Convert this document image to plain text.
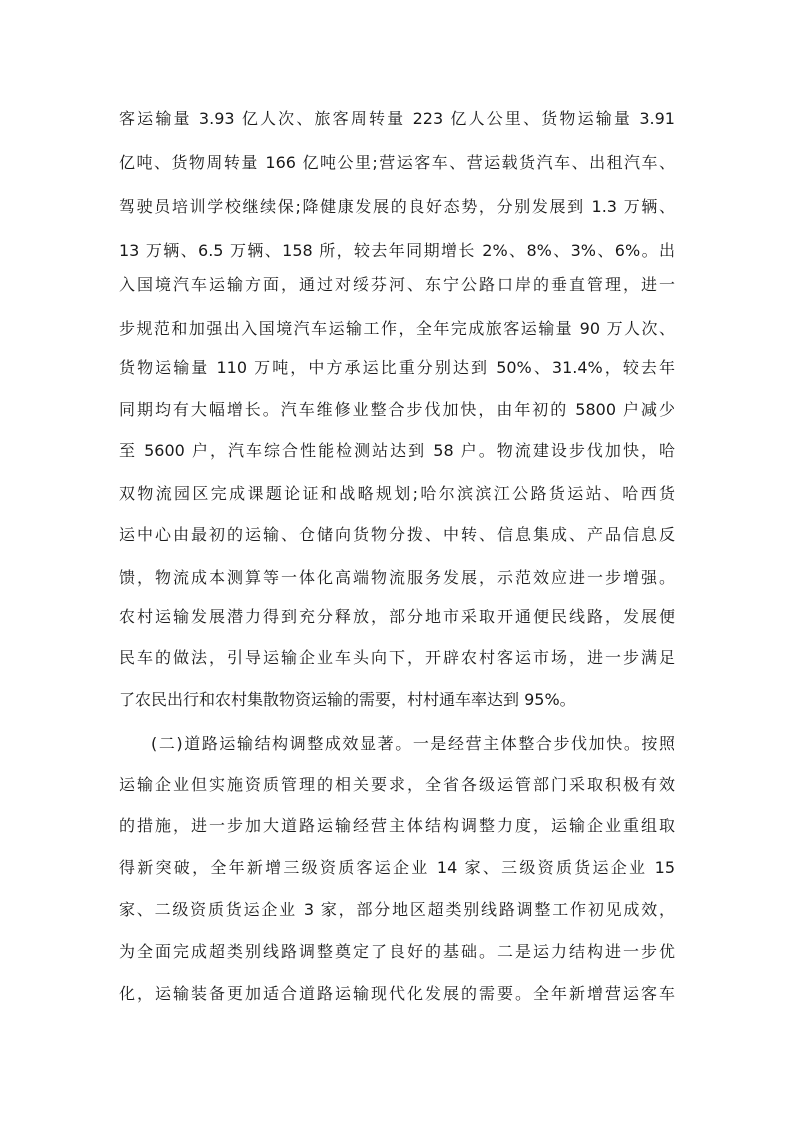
客运输量 3.93 亿人次、旅客周转量 223 亿人公里、货物运输量 3.91
亿吨、货物周转量 166 亿吨公里;营运客车、营运载货汽车、出租汽车、
驾驶员培训学校继续保;降健康发展的良好态势，分别发展到 1.3 万辆、
13 万辆、6.5 万辆、158 所，较去年同期增长 2%、8%、3%、6%。出
入国境汽车运输方面，通过对绥芬河、东宁公路口岸的垂直管理，进一
步规范和加强出入国境汽车运输工作，全年完成旅客运输量 90 万人次、
货物运输量 110 万吨，中方承运比重分别达到 50%、31.4%，较去年
同期均有大幅增长。汽车维修业整合步伐加快，由年初的 5800 户减少
至 5600 户，汽车综合性能检测站达到 58 户。物流建设步伐加快，哈
双物流园区完成课题论证和战略规划;哈尔滨滨江公路货运站、哈西货
运中心由最初的运输、仓储向货物分拨、中转、信息集成、产品信息反
馈，物流成本测算等一体化高端物流服务发展，示范效应进一步增强。
农村运输发展潜力得到充分释放，部分地市采取开通便民线路，发展便
民车的做法，引导运输企业车头向下，开辟农村客运市场，进一步满足
了农民出行和农村集散物资运输的需要，村村通车率达到 95%。
(二)道路运输结构调整成效显著。一是经营主体整合步伐加快。按照
运输企业但实施资质管理的相关要求，全省各级运管部门采取积极有效
的措施，进一步加大道路运输经营主体结构调整力度，运输企业重组取
得新突破，全年新增三级资质客运企业 14 家、三级资质货运企业 15
家、二级资质货运企业 3 家，部分地区超类别线路调整工作初见成效，
为全面完成超类别线路调整奠定了良好的基础。二是运力结构进一步优
化，运输装备更加适合道路运输现代化发展的需要。全年新增营运客车
